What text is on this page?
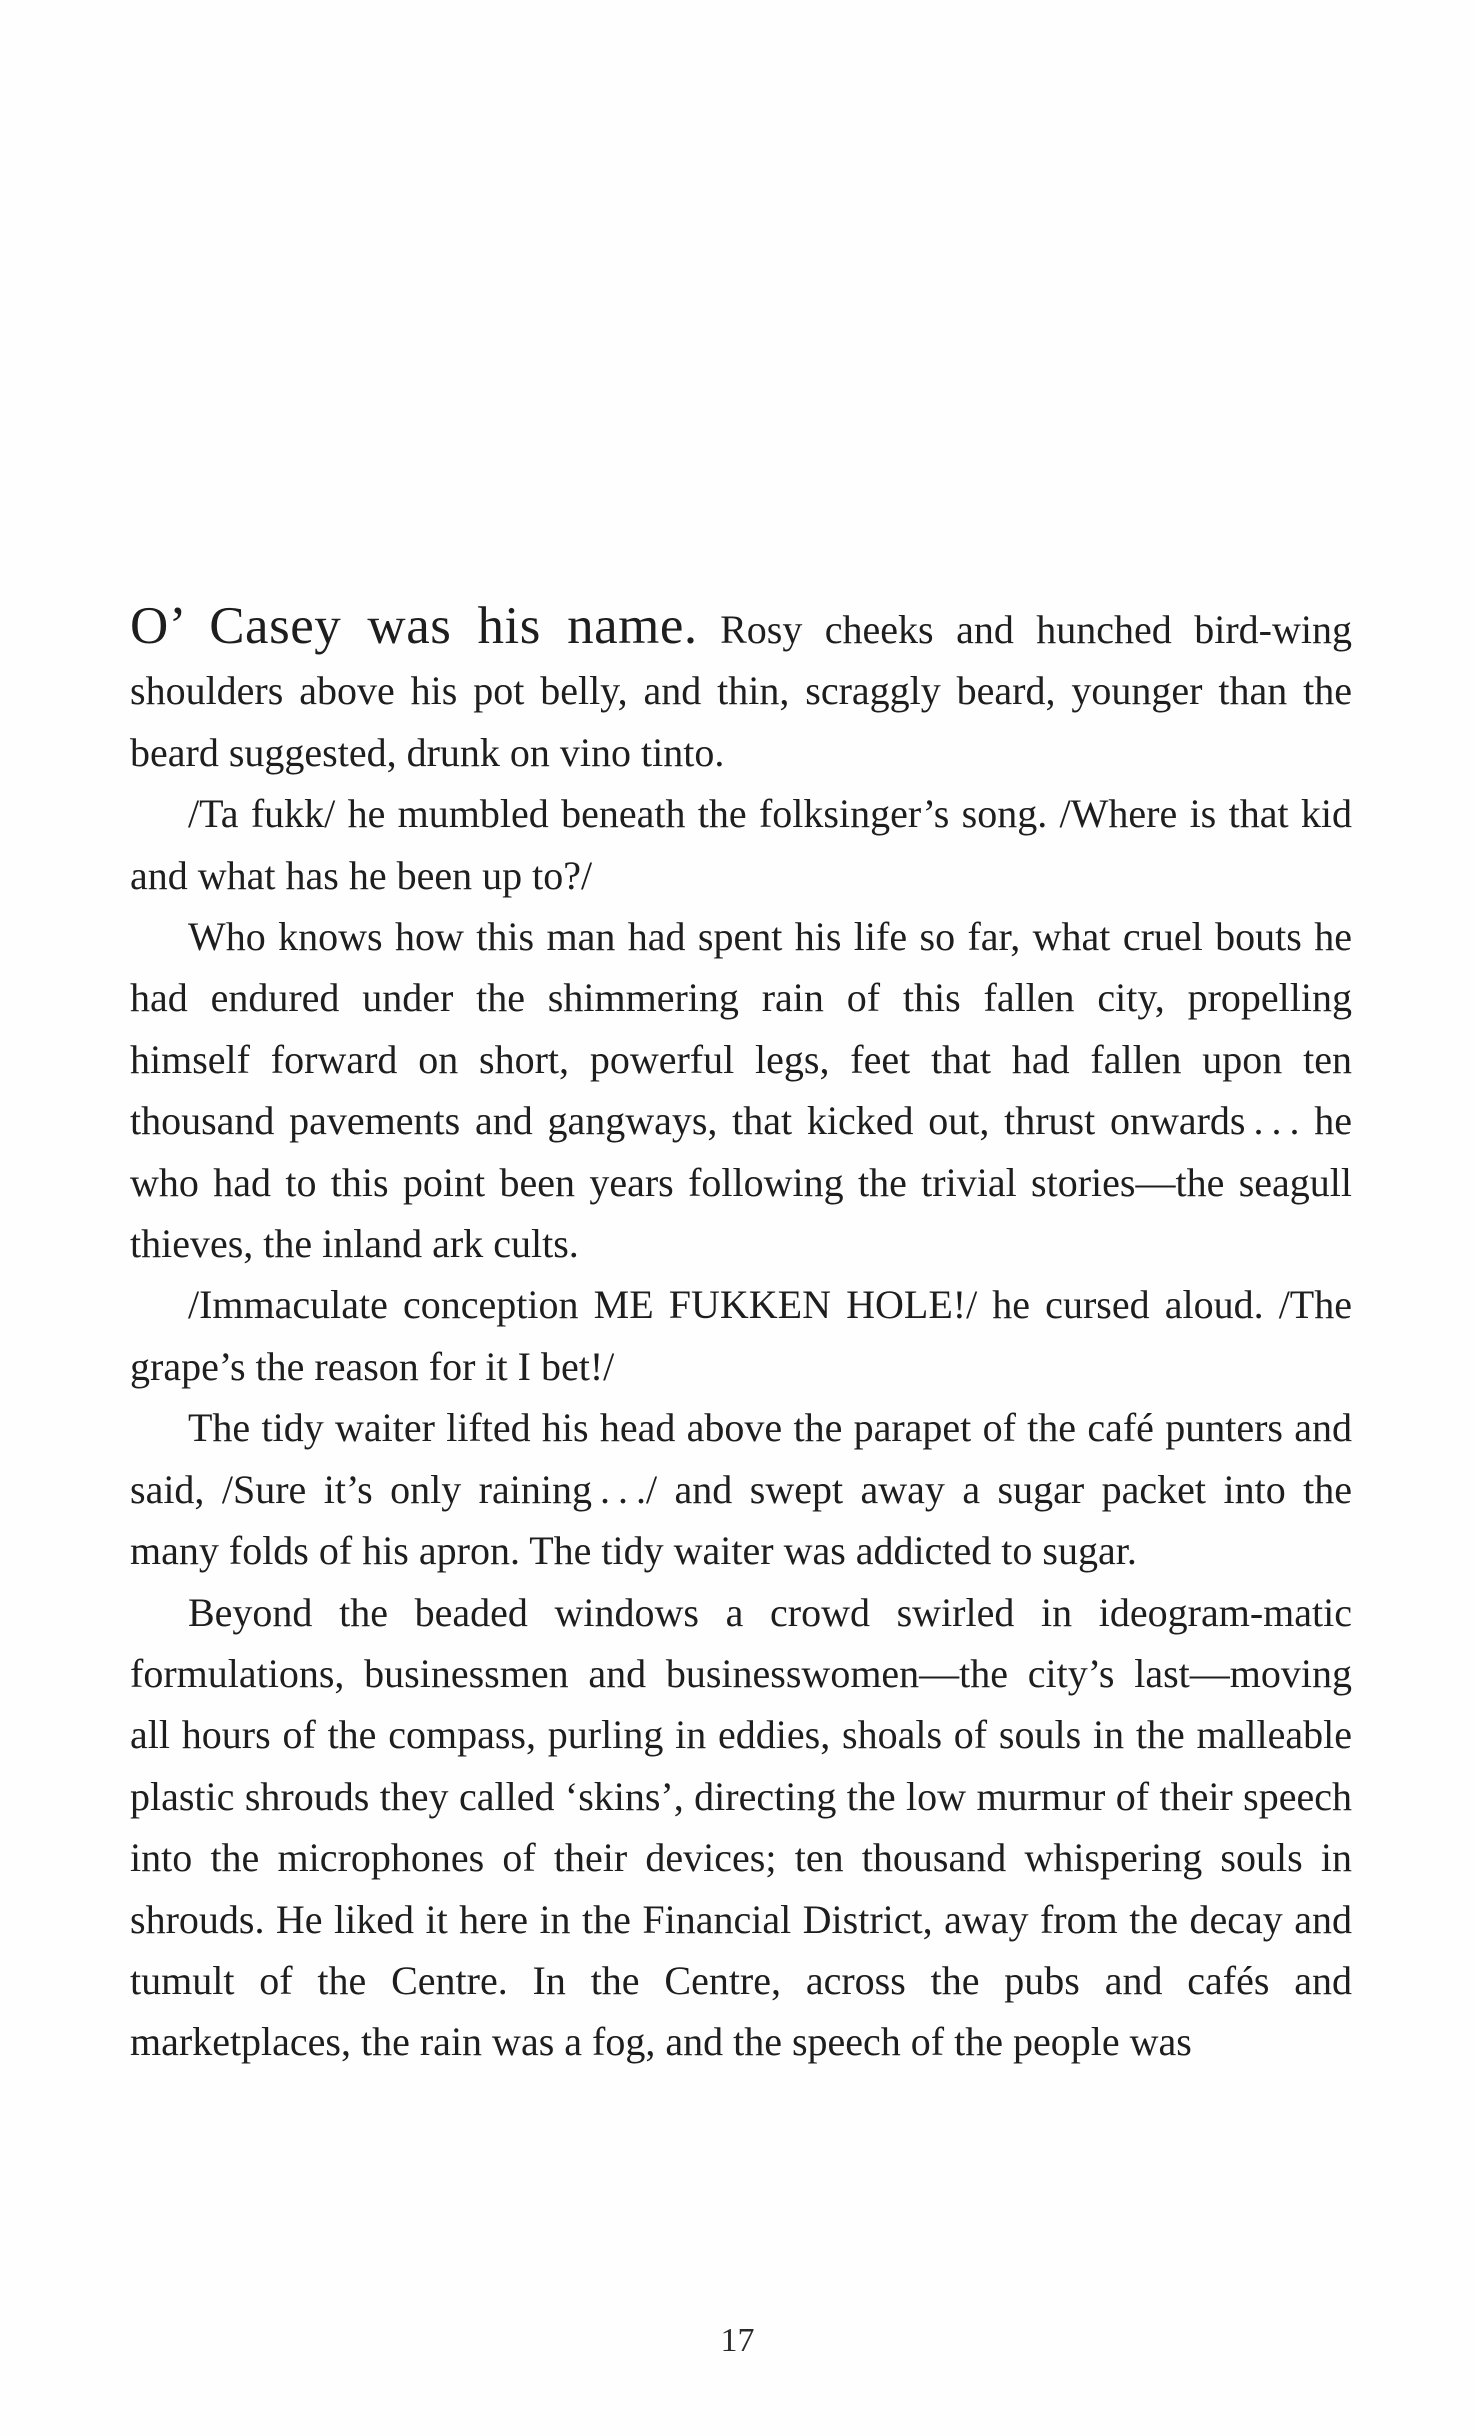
O’ Casey was his name. Rosy cheeks and hunched bird-wing shoulders above his pot belly, and thin, scraggly beard, younger than the beard suggested, drunk on vino tinto.

/Ta fukk/ he mumbled beneath the folksinger’s song. /Where is that kid and what has he been up to?/

Who knows how this man had spent his life so far, what cruel bouts he had endured under the shimmering rain of this fallen city, propelling himself forward on short, powerful legs, feet that had fallen upon ten thousand pavements and gangways, that kicked out, thrust onwards . . . he who had to this point been years following the trivial stories—the seagull thieves, the inland ark cults.

/Immaculate conception ME FUKKEN HOLE!/ he cursed aloud. /The grape’s the reason for it I bet!/

The tidy waiter lifted his head above the parapet of the café punters and said, /Sure it’s only raining . . ./ and swept away a sugar packet into the many folds of his apron. The tidy waiter was addicted to sugar.

Beyond the beaded windows a crowd swirled in ideogram-matic formulations, businessmen and businesswomen—the city’s last—moving all hours of the compass, purling in eddies, shoals of souls in the malleable plastic shrouds they called ‘skins’, directing the low murmur of their speech into the microphones of their devices; ten thousand whispering souls in shrouds. He liked it here in the Financial District, away from the decay and tumult of the Centre. In the Centre, across the pubs and cafés and marketplaces, the rain was a fog, and the speech of the people was

17
